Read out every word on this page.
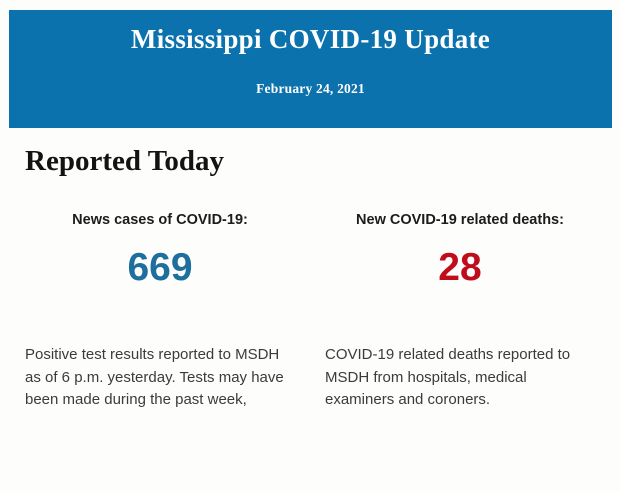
Mississippi COVID-19 Update
February 24, 2021
Reported Today
News cases of COVID-19:
669

Positive test results reported to MSDH as of 6 p.m. yesterday. Tests may have been made during the past week,

New COVID-19 related deaths:
28

COVID-19 related deaths reported to MSDH from hospitals, medical examiners and coroners.
